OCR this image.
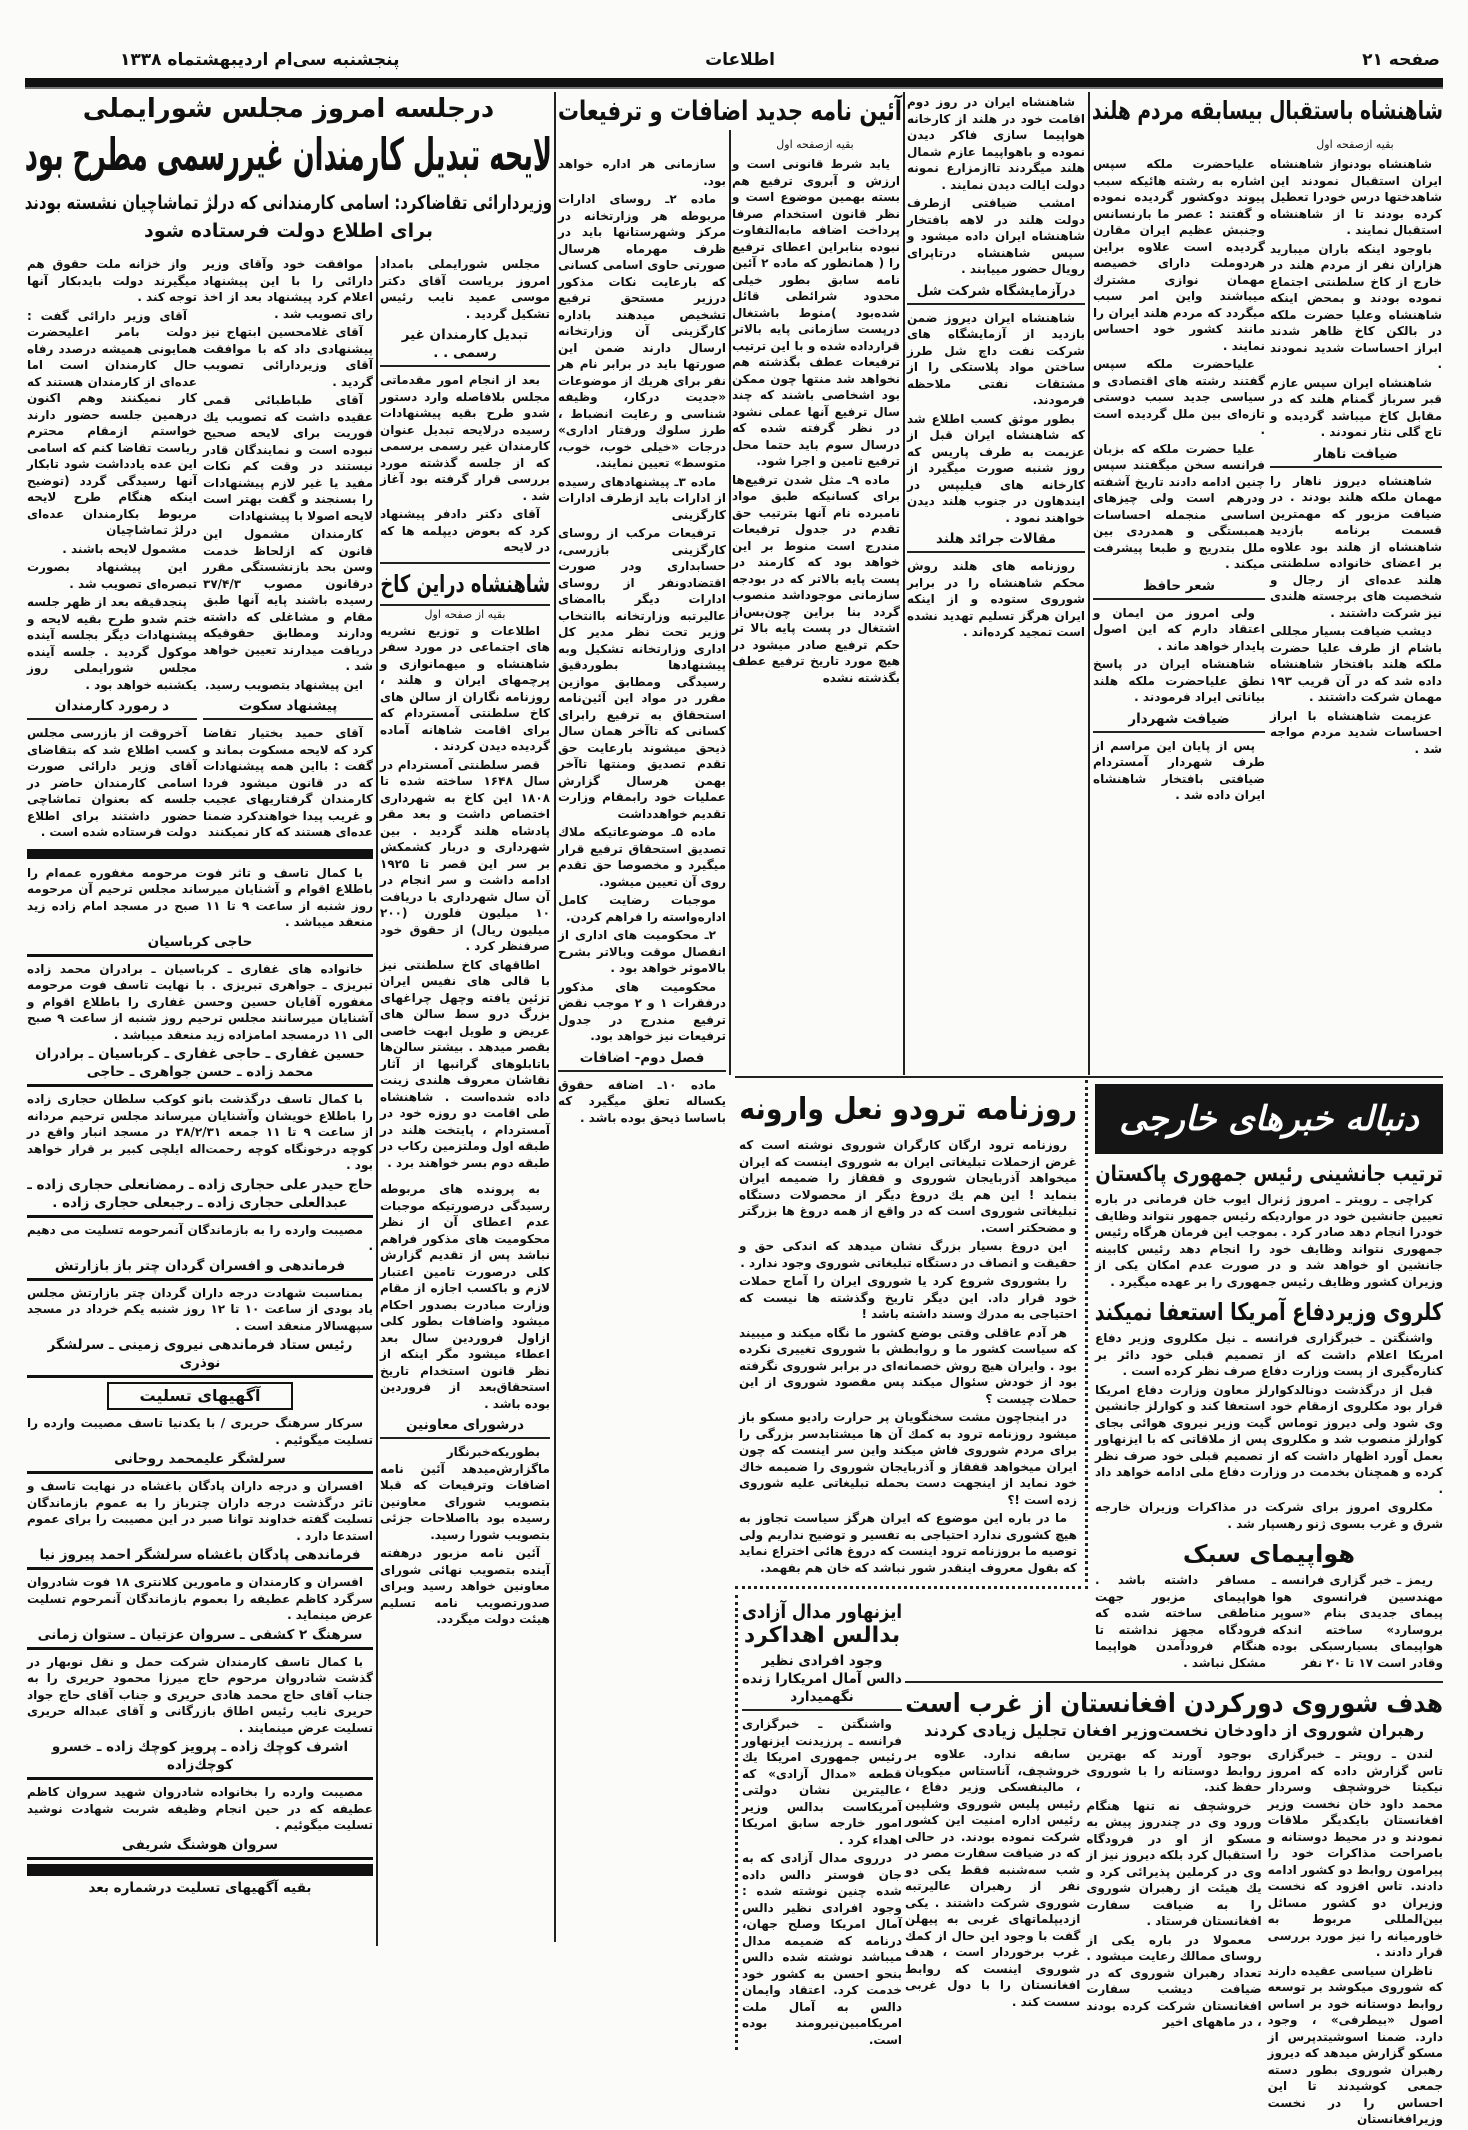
صفحه ۲۱
اطلاعات
پنجشنبه سی‌ام اردیبهشتماه ۱۳۳۸
درجلسه امروز مجلس شورایملی
لایحه تبدیل کارمندان غیررسمی مطرح بود
وزیردارائی تقاضاکرد: اسامی کارمندانی که درلژ تماشاچیان نشسته بودند
برای اطلاع دولت فرستاده شود

واز خزانه ملت حقوق هم میگیرند دولت بایدبکار آنها توجه کند .

آقای وزیر دارائی گفت : دولت بامر اعلیحضرت همایونی همیشه درصدد رفاه حال کارمندان است اما عده‌ای از کارمندان هستند که کار نمیکنند وهم اکنون درهمین جلسه حضور دارند خواستم ازمقام محترم ریاست تقاضا کنم که اسامی این عده یادداشت شود تابکار آنها رسیدگی گردد (توضیح اینکه هنگام طرح لایحه مربوط بکارمندان عده‌ای درلژ تماشاچیان

مشمول لایحه باشند .

این پیشنهاد بصورت تبصره‌ای تصویب شد .

پنجدقیقه بعد از ظهر جلسه ختم شدو طرح بقیه لایحه و پیشنهادات دیگر بجلسه آینده موکول گردید . جلسه آینده مجلس شورایملی روز یکشنبه خواهد بود .

د رمورد کارمندان

آخروقت از بازرسی مجلس کسب اطلاع شد که بتقاضای آقای وزیر دارائی صورت اسامی کارمندان حاضر در جلسه که بعنوان تماشاچی حضور داشتند برای اطلاع دولت فرستاده شده است .

موافقت خود وآقای وزیر دارائی را با این پیشنهاد اعلام کرد پیشنهاد بعد از اخذ رای تصویب شد .

آقای غلامحسین ابتهاج نیز پیشنهادی داد که با موافقت آقای وزیردارائی تصویب گردید .

آقای طباطبائی قمی عقیده داشت که تصویب یك فوریت برای لایحه صحیح نبوده است و نمایندگان قادر نیستند در وقت کم نکات مفید یا غیر لازم پیشنهادات را بسنجند و گفت بهتر است لایحه اصولا با پیشنهادات

کارمندان مشمول این قانون که ازلحاظ خدمت وسن بحد بازنشستگی مقرر درقانون مصوب ۳۷/۴/۳ رسیده باشند پایه آنها طبق مقام و مشاغلی که داشته ودارند ومطابق حقوقیکه دریافت میدارند تعیین خواهد شد .

این پیشنهاد بتصویب رسید.

پیشنهاد سکوت

آقای حمید بختیار تقاضا کرد که لایحه مسکوت بماند و گفت : بااین همه پیشنهادات که در قانون میشود فردا کارمندان گرفتاریهای عجیب و غریب پیدا خواهندکرد ضمنا عده‌ای هستند که کار نمیکنند

با کمال تاسف و تاثر فوت مرحومه مغفوره عمه‌ام را باطلاع اقوام و آشنایان میرساند مجلس ترحیم آن مرحومه روز شنبه از ساعت ۹ تا ۱۱ صبح در مسجد امام زاده زید منعقد میباشد .

حاجی کرباسیان

خانواده های غفاری ـ کرباسیان ـ برادران محمد زاده تبریزی ـ جواهری تبریزی . با نهایت تاسف فوت مرحومه مغفوره آقایان حسین وحسن غفاری را باطلاع اقوام و آشنایان میرسانند مجلس ترحیم روز شنبه از ساعت ۹ صبح الی ۱۱ درمسجد امامزاده زید منعقد میباشد .

حسین غفاری ـ حاجی غفاری ـ کرباسیان ـ برادران محمد زاده ـ حسن جواهری ـ حاجی

با کمال تاسف درگذشت بانو کوکب سلطان حجاری زاده را باطلاع خویشان وآشنایان میرساند مجلس ترحیم مردانه از ساعت ۹ تا ۱۱ جمعه ۳۸/۲/۳۱ در مسجد انبار واقع در کوچه درخونگاه کوچه رحمت‌اله ایلچی کبیر بر قرار خواهد بود .

حاج حیدر علی حجاری زاده ـ رمضانعلی حجاری زاده ـ عبدالعلی حجاری زاده ـ رجبعلی حجاری زاده .

مصیبت وارده را به بازماندگان آنمرحومه تسلیت می دهیم .

فرماندهی و افسران گردان چتر باز بازارتش

بمناسبت شهادت درجه داران گردان چتر بازارتش مجلس یاد بودی از ساعت ۱۰ تا ۱۲ روز شنبه یکم خرداد در مسجد سپهسالار منعقد است .

رئیس ستاد فرماندهی نیروی زمینی ـ سرلشگر نوذری

آگهیهای تسلیت

سرکار سرهنگ حریری / با یکدنیا تاسف مصیبت وارده را تسلیت میگوئیم .

سرلشگر علیمحمد روحانی

افسران و درجه داران پادگان باغشاه در نهایت تاسف و تاثر درگذشت درجه داران چترباز را به عموم بازماندگان تسلیت گفته خداوند توانا صبر در این مصیبت را برای عموم استدعا دارد .

فرماندهی پادگان باغشاه سرلشگر احمد پیروز نیا

افسران و کارمندان و مامورین کلانتری ۱۸ فوت شادروان سرگرد کاظم عطیفه را بعموم بازماندگان آنمرحوم تسلیت عرض مینماید .

سرهنگ ۲ کشفی ـ سروان عزتیان ـ ستوان زمانی

با کمال تاسف کارمندان شرکت حمل و نقل نوبهار در گذشت شادروان مرحوم حاج میرزا محمود حریری را به جناب آقای حاج محمد هادی حریری و جناب آقای حاج جواد حریری نایب رئیس اطاق بازرگانی و آقای عبداله حریری تسلیت عرض مینمایند .

اشرف کوچك زاده ـ پرویز کوچك زاده ـ خسرو کوچك‌زاده

مصیبت وارده را بخانواده شادروان شهید سروان کاظم عطیفه که در حین انجام وظیفه شربت شهادت نوشید تسلیت میگوئیم .

سروان هوشنگ شریفی

بقیه آگهیهای تسلیت درشماره بعد

مجلس شورایملی بامداد امروز بریاست آقای دکتر موسی عمید نایب رئیس تشکیل گردید .

تبدیل کارمندان غیر رسمی . .

بعد از انجام امور مقدماتی مجلس بلافاصله وارد دستور شدو طرح بقیه پیشنهادات رسیده درلایحه تبدیل عنوان کارمندان غیر رسمی برسمی که از جلسه گذشته مورد بررسی قرار گرفته بود آغاز شد .

آقای دکتر دادفر پیشنهاد کرد که بعوض دیپلمه ها که در لایحه

شاهنشاه دراین کاخ
بقیه از صفحه اول

اطلاعات و توزیع نشریه های اجتماعی در مورد سفر شاهنشاه و میهمانوازی و پرچمهای ایران و هلند ، روزنامه نگاران از سالن های کاخ سلطنتی آمستردام که برای اقامت شاهانه آماده گردیده دیدن کردند .

قصر سلطنتی آمستردام در سال ۱۶۴۸ ساخته شده تا ۱۸۰۸ این کاخ به شهرداری اختصاص داشت و بعد مقر پادشاه هلند گردید . بین شهرداری و دربار کشمکش بر سر این قصر تا ۱۹۲۵ ادامه داشت و سر انجام در آن سال شهرداری با دریافت ۱۰ میلیون فلورن (۲۰۰ میلیون ریال) از حقوق خود صرفنظر کرد .

اطاقهای کاخ سلطنتی نیز با قالی های نفیس ایران تزئین یافته وچهل چراغهای بزرگ درو سط سالن های عریض و طویل ابهت خاصی بقصر میدهد . بیشتر سالن‌ها باتابلوهای گرانبها از آثار نقاشان معروف هلندی زینت داده شده‌است . شاهنشاه طی اقامت دو روزه خود در آمستردام ، پایتخت هلند در طبقه اول وملتزمین رکاب در طبقه دوم بسر خواهند برد .

به پرونده های مربوطه رسیدگی درصورتیکه موجبات عدم اعطای آن از نظر محکومیت های مذکور فراهم نباشد پس از تقدیم گزارش کلی درصورت تامین اعتبار لازم و باکسب اجازه از مقام وزارت مبادرت بصدور احکام میشود واضافات بطور کلی ازاول فروردین سال بعد اعطاء میشود مگر اینکه از نظر قانون استخدام تاریخ استحقاق‌بعد از فروردین بوده باشد .

درشورای معاونین

بطوریکه‌خبرنگار ماگزارش‌میدهد آئین نامه اضافات وترفیعات که قبلا بتصویب شورای معاونین رسیده بود بااصلاحات جزئی بتصویب شورا رسید.

آئین نامه مزبور درهفته آینده بتصویب نهائی شورای معاونین خواهد رسید وبرای صدورتصویب نامه تسلیم هیئت دولت میگردد.

آئین نامه جدید اضافات و ترفیعات
بقیه ازصفحه اول

یابد شرط قانونی است و ارزش و آبروی ترفیع هم بسته بهمین موضوع است و نظر قانون استخدام صرفا پرداخت اضافه مابه‌التفاوت نبوده بنابراین اعطای ترفیع را ( همانطور که ماده ۲ آئین نامه سابق بطور خیلی محدود شرائطی قائل شده‌بود )منوط باشتغال درپست سازمانی پایه بالاتر قرارداده شده و با این ترتیب ترفیعات عطف بگذشته هم نخواهد شد منتها چون ممکن بود اشخاصی باشند که چند سال ترفیع آنها عملی نشود در نظر گرفته شده که درسال سوم باید حتما محل ترفیع تامین و اجرا شود.

ماده ۹ـ مثل شدن ترفیع‌ها برای کسانیکه طبق مواد نامبرده نام آنها بترتیب حق تقدم در جدول ترفیعات مندرج است منوط بر این خواهد بود که کارمند در پست پایه بالاتر که در بودجه سازمانی موجوداشد منصوب گردد بنا براین چون‌بس‌از اشتغال در پست پایه بالا تر حکم ترفیع صادر میشود در هیچ مورد تاریخ ترفیع عطف بگذشته نشده

سازمانی هر اداره خواهد بود.

ماده ۲ـ روسای ادارات مربوطه هر وزارتخانه در مرکز وشهرستانها باید در ظرف مهرماه هرسال صورتی حاوی اسامی کسانی که بارعایت نکات مذکور درزیر مستحق ترفیع تشخیص میدهند باداره کارگزینی آن وزارتخانه ارسال دارند ضمن این صورتها باید در برابر نام هر نفر برای هریك از موضوعات «جدیت درکار، وظیفه شناسی و رعایت انضباط ، طرز سلوك ورفتار اداری» درجات «خیلی خوب، خوب، متوسط» تعیین نمایند.

ماده ۳ـ پیشنهادهای رسیده از ادارات باید ازطرف ادارات کارگزینی

ترفیعات مرکب از روسای کارگزینی بازرسی، حسابداری ودر صورت اقتضادونفر از روسای ادارات دیگر باامضای عالیرتبه وزارتخانه باانتخاب وزیر تحت نظر مدیر کل اداری وزارتخانه تشکیل وبه پیشنهادها بطوردقیق رسیدگی ومطابق موازین مقرر در مواد این آئین‌نامه استحقاق به ترفیع رابرای کسانی که تاآخر همان سال ذیحق میشوند بارعایت حق تقدم تصدیق ومنتها تاآخر بهمن هرسال گزارش عملیات خود رابمقام وزارت تقدیم خواهدداشت

ماده ۵ـ موضوعاتیکه ملاك تصدیق استحقاق ترفیع قرار میگیرد و مخصوصا حق تقدم روی آن تعیین میشود.

موجبات رضایت کامل اداره‌واسته را فراهم کردن.

۲ـ محکومیت های اداری از انفصال موقت وبالاتر بشرح بالاموثر خواهد بود .

محکومیت های مذکور درفقرات ۱ و ۲ موجب نقض ترفیع مندرج در جدول ترفیعات نیز خواهد بود.

فصل دوم- اضافات

ماده ۱۰ـ اضافه حقوق یکساله تعلق میگیرد که باساسا ذیحق بوده باشد .

شاهنشاه ایران در روز دوم اقامت خود در هلند از کارخانه هواپیما سازی فاکر دیدن نموده و باهواپیما عازم شمال هلند میگردند تاازمزارع نمونه دولت ایالت دیدن نمایند .

امشب ضیافتی ازطرف دولت هلند در لاهه بافتخار شاهنشاه ایران داده میشود و سپس شاهنشاه درتاپرای رویال حضور مییابند .

درآزمایشگاه شرکت شل

شاهنشاه ایران دیروز ضمن بازدید از آزمایشگاه های شرکت نفت داچ شل طرز ساختن مواد پلاستکی را از مشتقات نفتی ملاحظه فرمودند.

بطور موثق کسب اطلاع شد که شاهنشاه ایران قبل از عزیمت به طرف پاریس که روز شنبه صورت میگیرد از کارخانه های فیلیپس در ایندهاون در جنوب هلند دیدن خواهند نمود .

مقالات جرائد هلند

روزنامه های هلند روش محکم شاهنشاه را در برابر شوروی ستوده و از اینکه ایران هرگز تسلیم تهدید نشده است تمجید کرده‌اند .

شاهنشاه باستقبال بیسابقه مردم هلند
بقیه ازصفحه اول

شاهنشاه بودنواز شاهنشاه ایران استقبال نمودند این شاهدختها درس خودرا تعطیل کرده بودند تا از شاهنشاه استقبال نمایند .

باوجود اینکه باران میبارید هزاران نفر از مردم هلند در خارج از کاخ سلطنتی اجتماع نموده بودند و بمحض اینکه شاهنشاه وعلیا حضرت ملکه در بالکن کاخ ظاهر شدند ابراز احساسات شدید نمودند .

شاهنشاه ایران سپس عازم قبر سرباز گمنام هلند که در مقابل کاخ میباشد گردیده و تاج گلی نثار نمودند .

ضیافت ناهار

شاهنشاه دیروز ناهار را مهمان ملکه هلند بودند . در ضیافت مزبور که مهمترین قسمت برنامه بازدید شاهنشاه از هلند بود علاوه بر اعضای خانواده سلطنتی هلند عده‌ای از رجال و شخصیت های برجسته هلندی نیز شرکت داشتند .

دیشب ضیافت بسیار مجللی باشام از طرف علیا حضرت ملکه هلند بافتخار شاهنشاه داده شد که در آن قریب ۱۹۳ مهمان شرکت داشتند .

عزیمت شاهنشاه با ابراز احساسات شدید مردم مواجه شد .

علیاحضرت ملکه سپس اشاره به رشته هائیکه سبب پیوند دوکشور گردیده نموده و گفتند : عصر ما بارنسانس وجنبش عظیم ایران مقارن گردیده است علاوه براین هردوملت دارای خصیصه مهمان نوازی مشترك میباشند واین امر سبب میگردد که مردم هلند ایران را مانند کشور خود احساس نمایند .

علیاحضرت ملکه سپس گفتند رشته های اقتصادی و سیاسی جدید سبب دوستی تازه‌ای بین ملل گردیده است .

علیا حضرت ملکه که بزبان فرانسه سخن میگفتند سپس چنین ادامه دادند تاریخ آشفته ودرهم است ولی چیزهای اساسی منجمله احساسات همبستگی و همدردی بین ملل بتدریج و طبعا پیشرفت میکند .

شعر حافظ

ولی امروز من ایمان و اعتقاد دارم که این اصول پایدار خواهد ماند .

شاهنشاه ایران در پاسخ نطق علیاحضرت ملکه هلند بیاناتی ایراد فرمودند .

ضیافت شهردار

پس از پایان این مراسم از طرف شهردار آمستردام ضیافتی بافتخار شاهنشاه ایران داده شد .

روزنامه ترودو نعل وارونه

روزنامه ترود ارگان کارگران شوروی نوشته است که غرض ازحملات تبلیغاتی ایران به شوروی اینست که ایران میخواهد آذربایجان شوروی و قفقاز را ضمیمه ایران بنماید ! این هم یك دروغ دیگر از محصولات دستگاه تبلیغاتی شوروی است که در واقع از همه دروغ ها بزرگتر و مضحکتر است.

این دروغ بسیار بزرگ نشان میدهد که اندکی حق و حقیقت و انصاف در دستگاه تبلیغاتی شوروی وجود ندارد .

را بشوروی شروع کرد یا شوروی ایران را آماج حملات خود قرار داد. این دیگر تاریخ وگذشته ها نیست که احتیاجی به مدرك وسند داشته باشد !

هر آدم عاقلی وقتی بوضع کشور ما نگاه میکند و میبیند که سیاست کشور ما و روابطش با شوروی تغییری نکرده بود . وایران هیچ روش خصمانه‌ای در برابر شوروی نگرفته بود از خودش سئوال میکند پس مقصود شوروی از این حملات چیست ؟

در اینجاچون مشت سخنگویان پر حرارت رادیو مسکو باز میشود روزنامه ترود به کمك آن ها میشتابدسر بزرگی را برای مردم شوروی فاش میکند واین سر اینست که چون ایران میخواهد قفقاز و آذربایجان شوروی را ضمیمه خاك خود نماید از اینجهت دست بحمله تبلیغاتی علیه شوروی زده است !؟

ما در باره این موضوع که ایران هرگز سیاست تجاوز به هیچ کشوری ندارد احتیاجی به تفسیر و توضیح نداریم ولی توصیه ما بروزنامه ترود اینست که دروغ هائی اختراع نماید که بقول معروف اینقدر شور نباشد که خان هم بفهمد.

ایزنهاور مدال آزادی
بدالس اهداکرد

وجود افرادی نظیر دالس آمال امریکارا زنده نگهمیدارد

واشنگتن ـ خبرگزاری فرانسه ـ پرزیدنت ایزنهاور رئیس جمهوری امریکا یك قطعه «مدال آزادی» که عالیترین نشان دولتی آمریکاست بدالس وزیر امور خارجه سابق امریکا اهداء کرد .

درروی مدال آزادی که به جان فوستر دالس داده شده چنین نوشته شده : وجود افرادی نظیر دالس آمال امریکا وصلح جهان، درنامه که ضمیمه مدال میباشد نوشته شده دالس بنحو احسن به کشور خود خدمت کرد. اعتقاد وایمان دالس به آمال ملت امریکامبین‌نیرومند بوده است.

دنباله خبرهای خارجی
ترتیب جانشینی رئیس جمهوری پاکستان

کراچی ـ رویتر ـ امروز ژنرال ایوب خان فرمانی در باره تعیین جانشین خود در مواردیکه رئیس جمهور نتواند وظایف خودرا انجام دهد صادر کرد . بموجب این فرمان هرگاه رئیس جمهوری نتواند وظایف خود را انجام دهد رئیس کابینه جانشین او خواهد شد و در صورت عدم امکان یکی از وزیران کشور وظایف رئیس جمهوری را بر عهده میگیرد .

کلروی وزیردفاع آمریکا استعفا نمیکند

واشنگتن ـ خبرگزاری فرانسه ـ نیل مکلروی وزیر دفاع امریکا اعلام داشت که از تصمیم قبلی خود دائر بر کناره‌گیری از پست وزارت دفاع صرف نظر کرده است .

قبل از درگذشت دونالدکوارلز معاون وزارت دفاع امریکا قرار بود مکلروی ازمقام خود استعفا کند و کوارلز جانشین وی شود ولی دیروز توماس گیت وزیر نیروی هوائی بجای کوارلز منصوب شد و مکلروی پس از ملاقاتی که با ایزنهاور بعمل آورد اظهار داشت که از تصمیم قبلی خود صرف نظر کرده و همچنان بخدمت در وزارت دفاع ملی ادامه خواهد داد .

مکلروی امروز برای شرکت در مذاکرات وزیران خارجه شرق و غرب بسوی ژنو رهسپار شد .

هواپیمای سبک

مسافر داشته باشد . هواپیمای مزبور جهت مناطقی ساخته شده که فرودگاه مجهز نداشته تا هنگام فرودآمدن هواپیما مشکل نباشد .

ریمز ـ خبر گزاری فرانسه ـ مهندسین فرانسوی هوا پیمای جدیدی بنام «سوپر بروسارد» ساخته اندکه هواپیمای بسیارسبکی بوده وقادر است ۱۷ تا ۲۰ نفر

هدف شوروی دورکردن افغانستان از غرب است
رهبران شوروی از داودخان نخست‌وزیر افغان تجلیل زیادی کردند

سابقه ندارد. علاوه بر خروشچف، آناستاس میکویان ، مالینفسکی وزیر دفاع ، رئیس پلیس شوروی وشلپین رئیس اداره امنیت این کشور شرکت نموده بودند. در حالی که در ضیافت سفارت مصر در شب سه‌شنبه فقط یکی دو نفر از رهبران عالیرتبه شوروی شرکت داشتند . یکی ازدیپلماتهای غربی به پیهلن گفت با وجود این حال از کمك غرب برخوردار است ، هدف شوروی اینست که روابط افغانستان را با دول غربی سست کند .

بوجود آورند که بهترین روابط دوستانه را با شوروی حفظ کند.

خروشچف نه تنها هنگام ورود وی در چندروز پیش به مسکو از او در فرودگاه استقبال کرد بلکه دیروز نیز از وی در کرملین پذیرائی کرد و یك هیئت از رهبران شوروی را به ضیافت سفارت افغانستان فرستاد .

معمولا در باره یکی از روسای ممالك رعایت میشود . تعداد رهبران شوروی که در ضیافت دیشب سفارت افغانستان شرکت کرده بودند ، در ماههای اخیر

لندن ـ رویتر ـ خبرگزاری تاس گزارش داده که امروز نیکیتا خروشچف وسردار محمد داود خان نخست وزیر افغانستان بایکدیگر ملاقات نمودند و در محیط دوستانه و باصراحت مذاکرات خود را پیرامون روابط دو کشور ادامه دادند. تاس افزود که نخست وزیران دو کشور مسائل بین‌المللی مربوط به خاورمیانه را نیز مورد بررسی قرار دادند .

ناظران سیاسی عقیده دارند که شوروی میکوشد بر توسعه روابط دوستانه خود بر اساس اصول «بیطرفی» ، وجود دارد. ضمنا اسوشیتدپرس از مسکو گزارش میدهد که دیروز رهبران شوروی بطور دسته جمعی کوشیدند تا این احساس را در نخست وزیرافغانستان
